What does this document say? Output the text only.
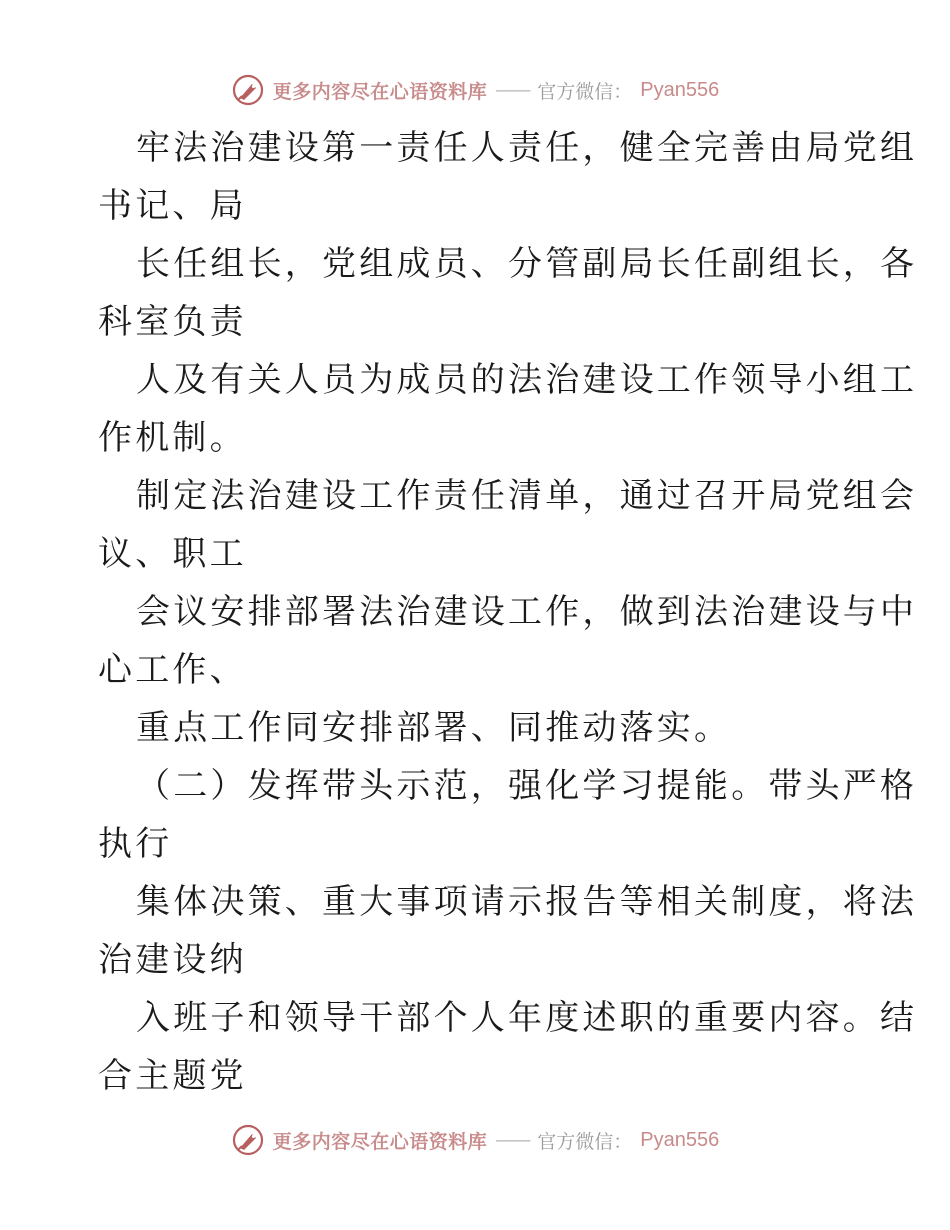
更多内容尽在心语资料库 —— 官方微信： Pyan556
牢法治建设第一责任人责任，健全完善由局党组
书记、局
长任组长，党组成员、分管副局长任副组长，各
科室负责
人及有关人员为成员的法治建设工作领导小组工
作机制。
制定法治建设工作责任清单，通过召开局党组会
议、职工
会议安排部署法治建设工作，做到法治建设与中
心工作、
重点工作同安排部署、同推动落实。
（二）发挥带头示范，强化学习提能。带头严格
执行
集体决策、重大事项请示报告等相关制度，将法
治建设纳
入班子和领导干部个人年度述职的重要内容。结
合主题党
更多内容尽在心语资料库 —— 官方微信： Pyan556
